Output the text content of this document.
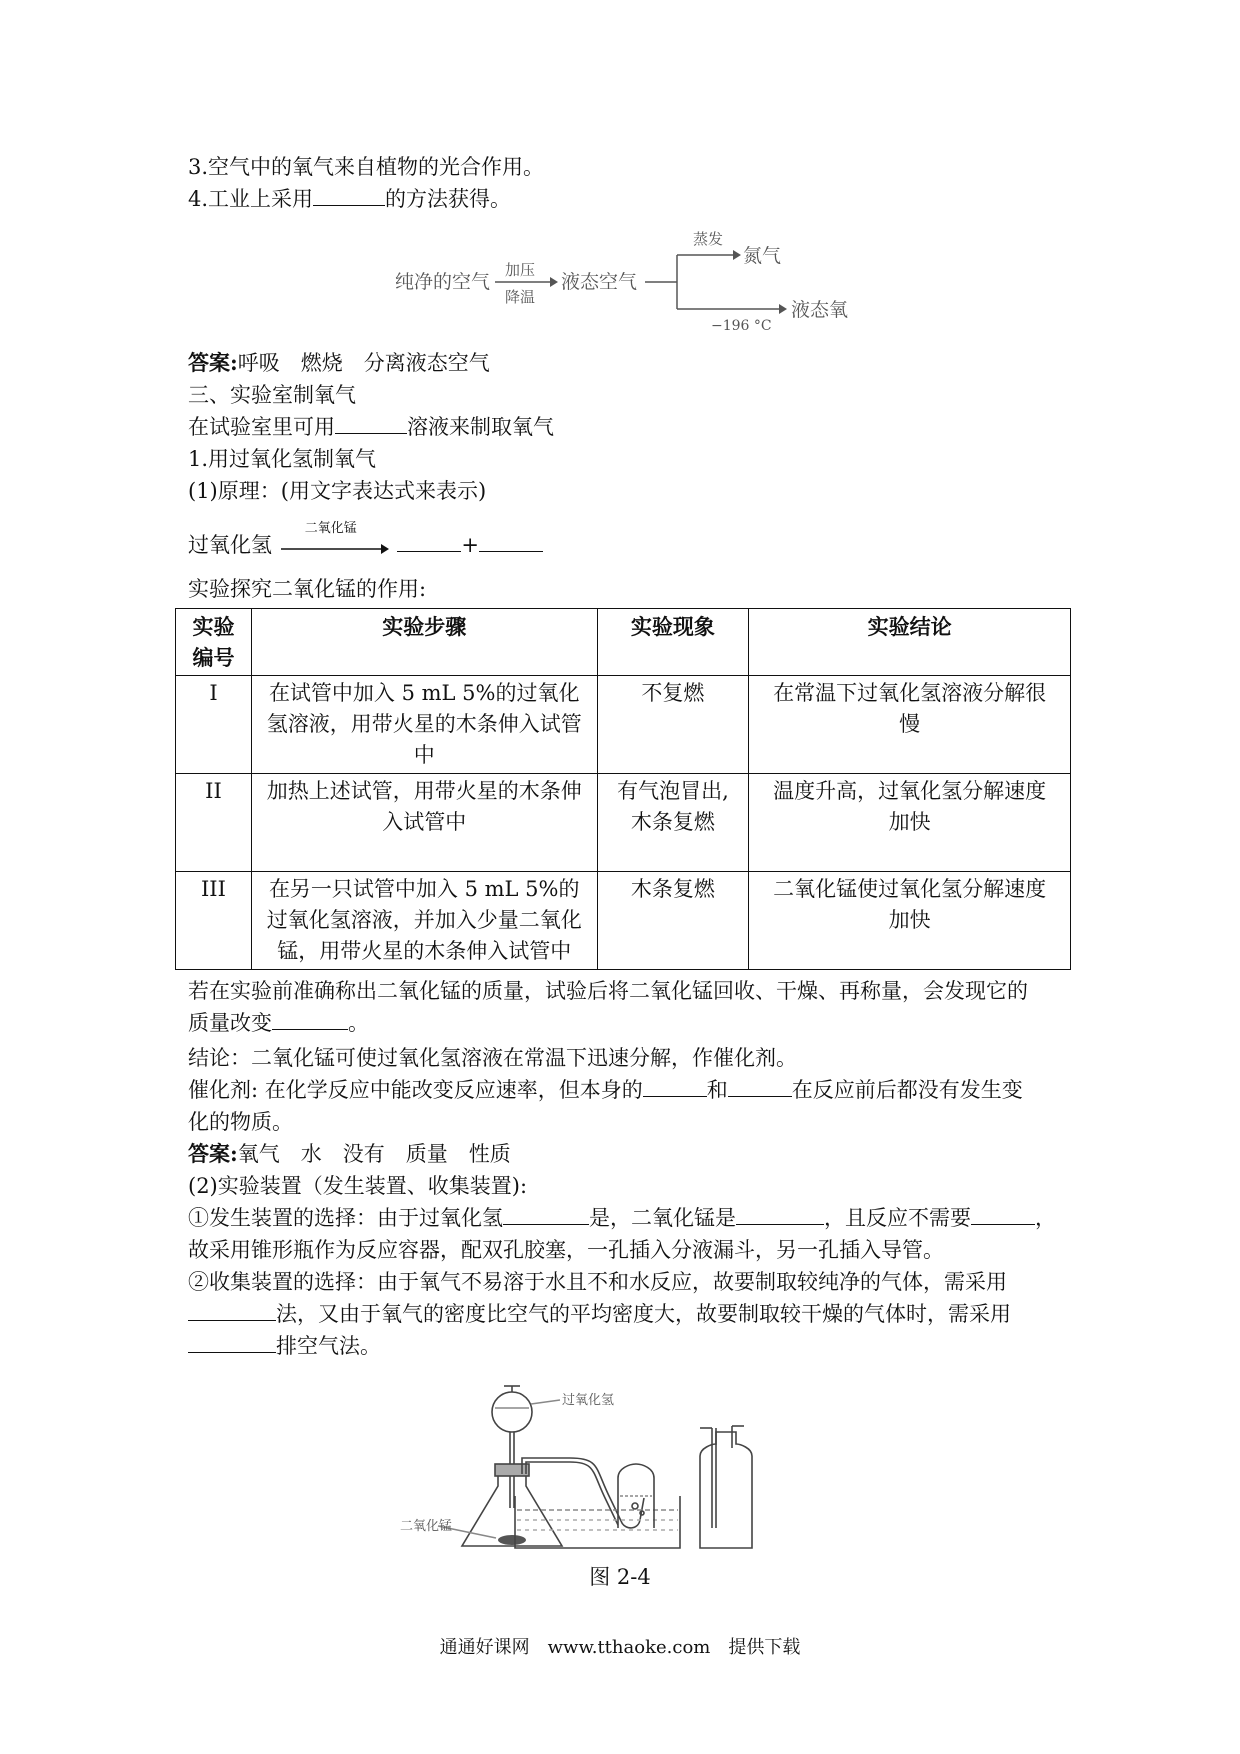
3.空气中的氧气来自植物的光合作用。
4.工业上采用	的方法获得。
纯净的空气
加压
降温
液态空气
蒸发
氮气
−196 °C
液态氧
答案:呼吸　燃烧　分离液态空气
三、实验室制氧气
在试验室里可用	溶液来制取氧气
1.用过氧化氢制氧气
(1)原理：(用文字表达式来表示)
过氧化氢
二氧化锰
+
实验探究二氧化锰的作用:
实验
编号	实验步骤	实验现象	实验结论
I	在试管中加入 5 mL 5%的过氧化
氢溶液，用带火星的木条伸入试管
中	不复燃	在常温下过氧化氢溶液分解很
慢
II	加热上述试管，用带火星的木条伸
入试管中	有气泡冒出,
木条复燃	温度升高，过氧化氢分解速度
加快
III	在另一只试管中加入 5 mL 5%的
过氧化氢溶液，并加入少量二氧化
锰，用带火星的木条伸入试管中	木条复燃	二氧化锰使过氧化氢分解速度
加快
若在实验前准确称出二氧化锰的质量，试验后将二氧化锰回收、干燥、再称量，会发现它的
质量改变	。
结论：二氧化锰可使过氧化氢溶液在常温下迅速分解，作催化剂。
催化剂: 在化学反应中能改变反应速率，但本身的	和	在反应前后都没有发生变
化的物质。
答案:氧气　水　没有　质量　性质
(2)实验装置（发生装置、收集装置):
①发生装置的选择：由于过氧化氢	是，二氧化锰是	，且反应不需要	，
故采用锥形瓶作为反应容器，配双孔胶塞，一孔插入分液漏斗，另一孔插入导管。
②收集装置的选择：由于氧气不易溶于水且不和水反应，故要制取较纯净的气体，需采用
法，又由于氧气的密度比空气的平均密度大，故要制取较干燥的气体时，需采用
排空气法。
过氧化氢
二氧化锰
图 2-4
通通好课网　www.tthaoke.com　提供下载
